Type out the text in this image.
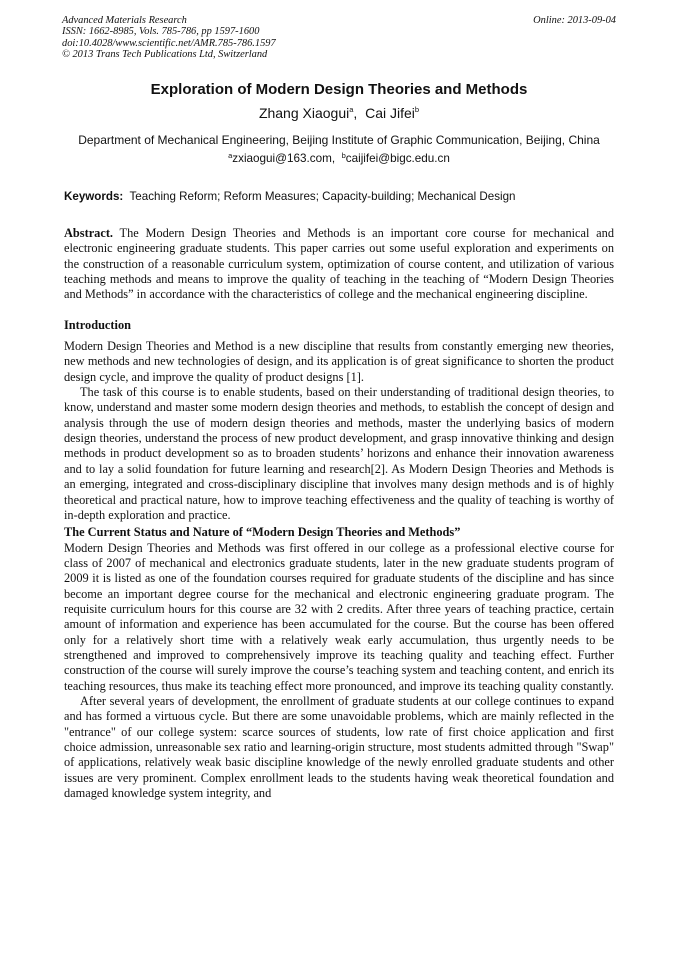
Advanced Materials Research
ISSN: 1662-8985, Vols. 785-786, pp 1597-1600
doi:10.4028/www.scientific.net/AMR.785-786.1597
© 2013 Trans Tech Publications Ltd, Switzerland
Online: 2013-09-04
Exploration of Modern Design Theories and Methods
Zhang Xiaogui$^a$,  Cai Jifei$^b$
Department of Mechanical Engineering, Beijing Institute of Graphic Communication, Beijing, China
$^a$zxiaogui@163.com, $^b$caijifei@bigc.edu.cn
Keywords: Teaching Reform; Reform Measures; Capacity-building; Mechanical Design

Abstract. The Modern Design Theories and Methods is an important core course for mechanical and electronic engineering graduate students. This paper carries out some useful exploration and experiments on the construction of a reasonable curriculum system, optimization of course content, and utilization of various teaching methods and means to improve the quality of teaching in the teaching of “Modern Design Theories and Methods” in accordance with the characteristics of college and the mechanical engineering discipline.

Introduction

Modern Design Theories and Method is a new discipline that results from constantly emerging new theories, new methods and new technologies of design, and its application is of great significance to shorten the product design cycle, and improve the quality of product designs [1].

The task of this course is to enable students, based on their understanding of traditional design theories, to know, understand and master some modern design theories and methods, to establish the concept of design and analysis through the use of modern design theories and methods, master the underlying basics of modern design theories, understand the process of new product development, and grasp innovative thinking and design methods in product development so as to broaden students’ horizons and enhance their innovation awareness and to lay a solid foundation for future learning and research[2]. As Modern Design Theories and Methods is an emerging, integrated and cross-disciplinary discipline that involves many design methods and is of highly theoretical and practical nature, how to improve teaching effectiveness and the quality of teaching is worthy of in-depth exploration and practice.

The Current Status and Nature of “Modern Design Theories and Methods”

Modern Design Theories and Methods was first offered in our college as a professional elective course for class of 2007 of mechanical and electronics graduate students, later in the new graduate students program of 2009 it is listed as one of the foundation courses required for graduate students of the discipline and has since become an important degree course for the mechanical and electronic engineering graduate program. The requisite curriculum hours for this course are 32 with 2 credits. After three years of teaching practice, certain amount of information and experience has been accumulated for the course. But the course has been offered only for a relatively short time with a relatively weak early accumulation, thus urgently needs to be strengthened and improved to comprehensively improve its teaching quality and teaching effect. Further construction of the course will surely improve the course’s teaching system and teaching content, and enrich its teaching resources, thus make its teaching effect more pronounced, and improve its teaching quality constantly.

After several years of development, the enrollment of graduate students at our college continues to expand and has formed a virtuous cycle. But there are some unavoidable problems, which are mainly reflected in the "entrance" of our college system: scarce sources of students, low rate of first choice application and first choice admission, unreasonable sex ratio and learning-origin structure, most students admitted through "Swap" of applications, relatively weak basic discipline knowledge of the newly enrolled graduate students and other issues are very prominent. Complex enrollment leads to the students having weak theoretical foundation and damaged knowledge system integrity, and
